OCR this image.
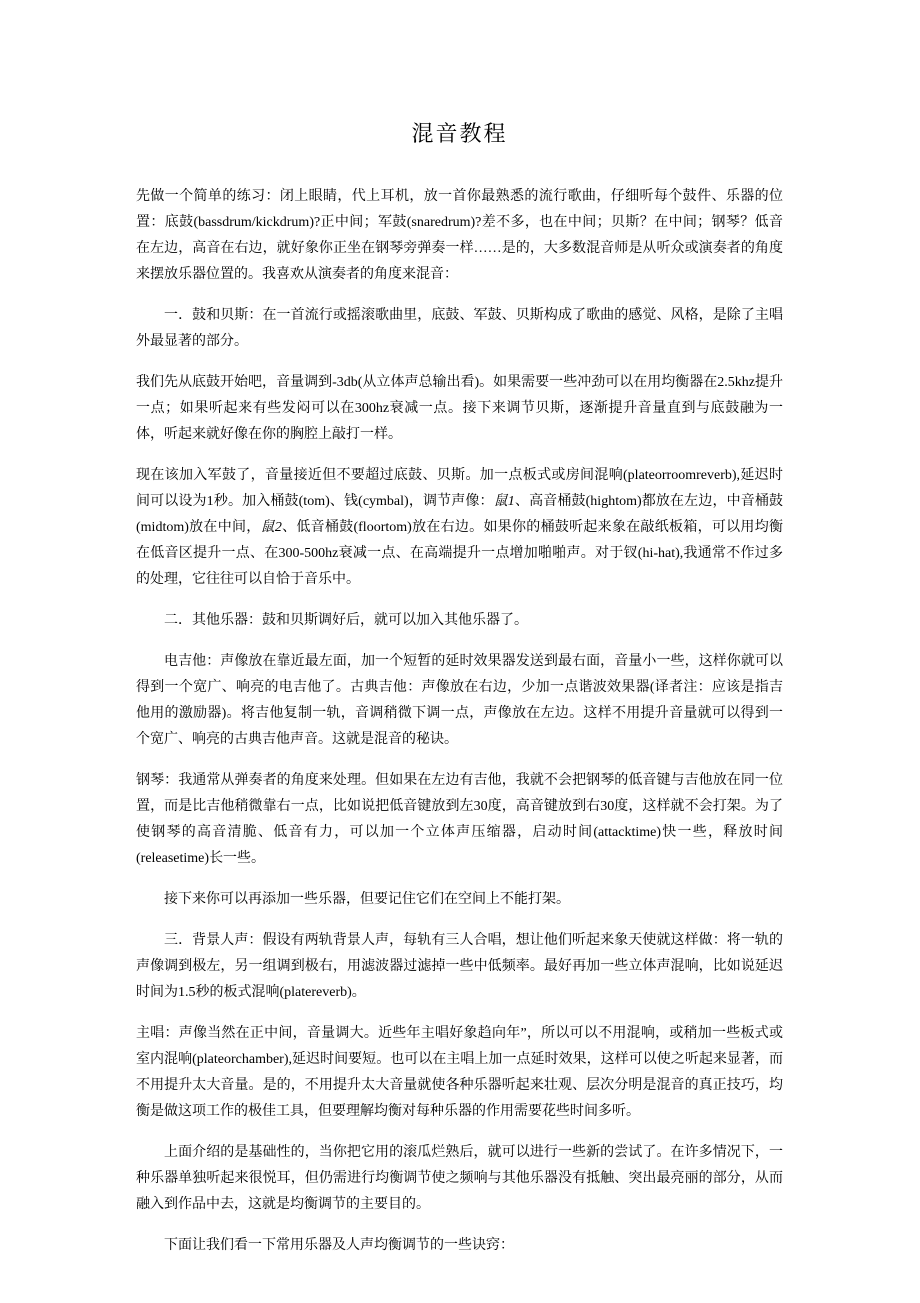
混音教程

先做一个简单的练习：闭上眼睛，代上耳机，放一首你最熟悉的流行歌曲，仔细听每个鼓件、乐器的位置：底鼓(bassdrum/kickdrum)?正中间；军鼓(snaredrum)?差不多，也在中间；贝斯？在中间；钢琴？低音在左边，高音在右边，就好象你正坐在钢琴旁弹奏一样……是的，大多数混音师是从听众或演奏者的角度来摆放乐器位置的。我喜欢从演奏者的角度来混音：

一．鼓和贝斯：在一首流行或摇滚歌曲里，底鼓、军鼓、贝斯构成了歌曲的感觉、风格，是除了主唱外最显著的部分。

我们先从底鼓开始吧，音量调到-3db(从立体声总输出看)。如果需要一些冲劲可以在用均衡器在2.5khz提升一点；如果听起来有些发闷可以在300hz衰减一点。接下来调节贝斯，逐渐提升音量直到与底鼓融为一体，听起来就好像在你的胸腔上敲打一样。

现在该加入军鼓了，音量接近但不要超过底鼓、贝斯。加一点板式或房间混响(plateorroomreverb),延迟时间可以设为1秒。加入桶鼓(tom)、钱(cymbal)，调节声像：鼠1、高音桶鼓(hightom)都放在左边，中音桶鼓(midtom)放在中间，鼠2、低音桶鼓(floortom)放在右边。如果你的桶鼓听起来象在敲纸板箱，可以用均衡在低音区提升一点、在300-500hz衰减一点、在高端提升一点增加啪啪声。对于钗(hi-hat),我通常不作过多的处理，它往往可以自恰于音乐中。

二．其他乐器：鼓和贝斯调好后，就可以加入其他乐器了。

电吉他：声像放在靠近最左面，加一个短暂的延时效果器发送到最右面，音量小一些，这样你就可以得到一个宽广、响亮的电吉他了。古典吉他：声像放在右边，少加一点谐波效果器(译者注：应该是指吉他用的激励器)。将吉他复制一轨，音调稍微下调一点，声像放在左边。这样不用提升音量就可以得到一个宽广、响亮的古典吉他声音。这就是混音的秘诀。

钢琴：我通常从弹奏者的角度来处理。但如果在左边有吉他，我就不会把钢琴的低音键与吉他放在同一位置，而是比吉他稍微靠右一点，比如说把低音键放到左30度，高音键放到右30度，这样就不会打架。为了使钢琴的高音清脆、低音有力，可以加一个立体声压缩器，启动时间(attacktime)快一些，释放时间(releasetime)长一些。

接下来你可以再添加一些乐器，但要记住它们在空间上不能打架。

三．背景人声：假设有两轨背景人声，每轨有三人合唱，想让他们听起来象天使就这样做：将一轨的声像调到极左，另一组调到极右，用滤波器过滤掉一些中低频率。最好再加一些立体声混响，比如说延迟时间为1.5秒的板式混响(platereverb)。

主唱：声像当然在正中间，音量调大。近些年主唱好象趋向年”，所以可以不用混响，或稍加一些板式或室内混响(plateorchamber),延迟时间要短。也可以在主唱上加一点延时效果，这样可以使之听起来显著，而不用提升太大音量。是的，不用提升太大音量就使各种乐器听起来壮观、层次分明是混音的真正技巧，均衡是做这项工作的极佳工具，但要理解均衡对每种乐器的作用需要花些时间多听。

上面介绍的是基础性的，当你把它用的滚瓜烂熟后，就可以进行一些新的尝试了。在许多情况下，一种乐器单独听起来很悦耳，但仍需进行均衡调节使之频响与其他乐器没有抵触、突出最亮丽的部分，从而融入到作品中去，这就是均衡调节的主要目的。

下面让我们看一下常用乐器及人声均衡调节的一些诀窍：
